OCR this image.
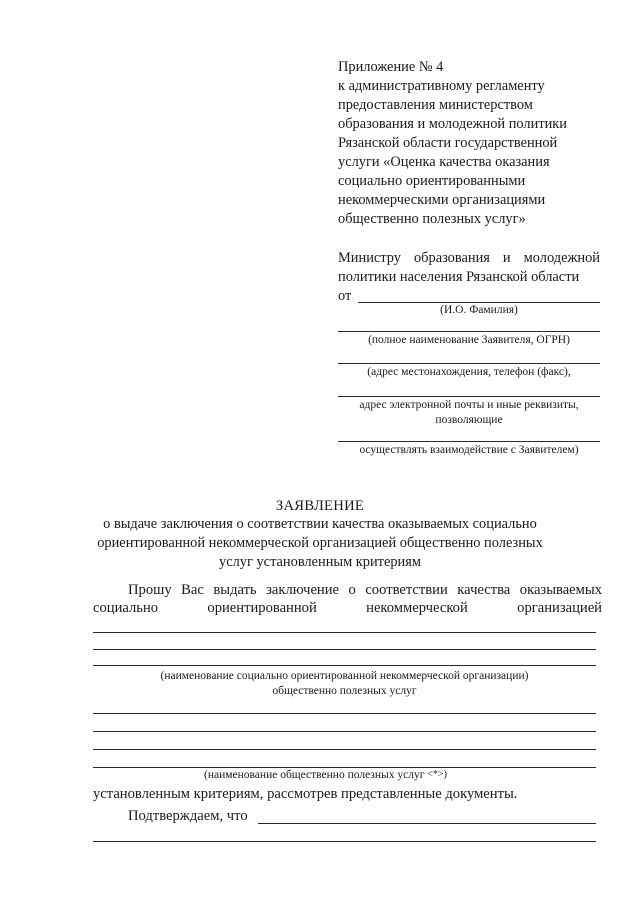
Приложение № 4
к административному регламенту
предоставления министерством
образования и молодежной политики
Рязанской области государственной
услуги «Оценка качества оказания
социально ориентированными
некоммерческими организациями
общественно полезных услуг»
Министру образования и молодежной
политики населения Рязанской области
от
(И.О. Фамилия)
(полное наименование Заявителя, ОГРН)
(адрес местонахождения, телефон (факс),
адрес электронной почты и иные реквизиты,
позволяющие
осуществлять взаимодействие с Заявителем)
ЗАЯВЛЕНИЕ
о выдаче заключения о соответствии качества оказываемых социально
ориентированной некоммерческой организацией общественно полезных
услуг установленным критериям
Прошу Вас выдать заключение о соответствии качества оказываемых
социально	ориентированной	некоммерческой	организацией
(наименование социально ориентированной некоммерческой организации)
общественно полезных услуг
(наименование общественно полезных услуг <*>)
установленным критериям, рассмотрев представленные документы.
Подтверждаем, что
